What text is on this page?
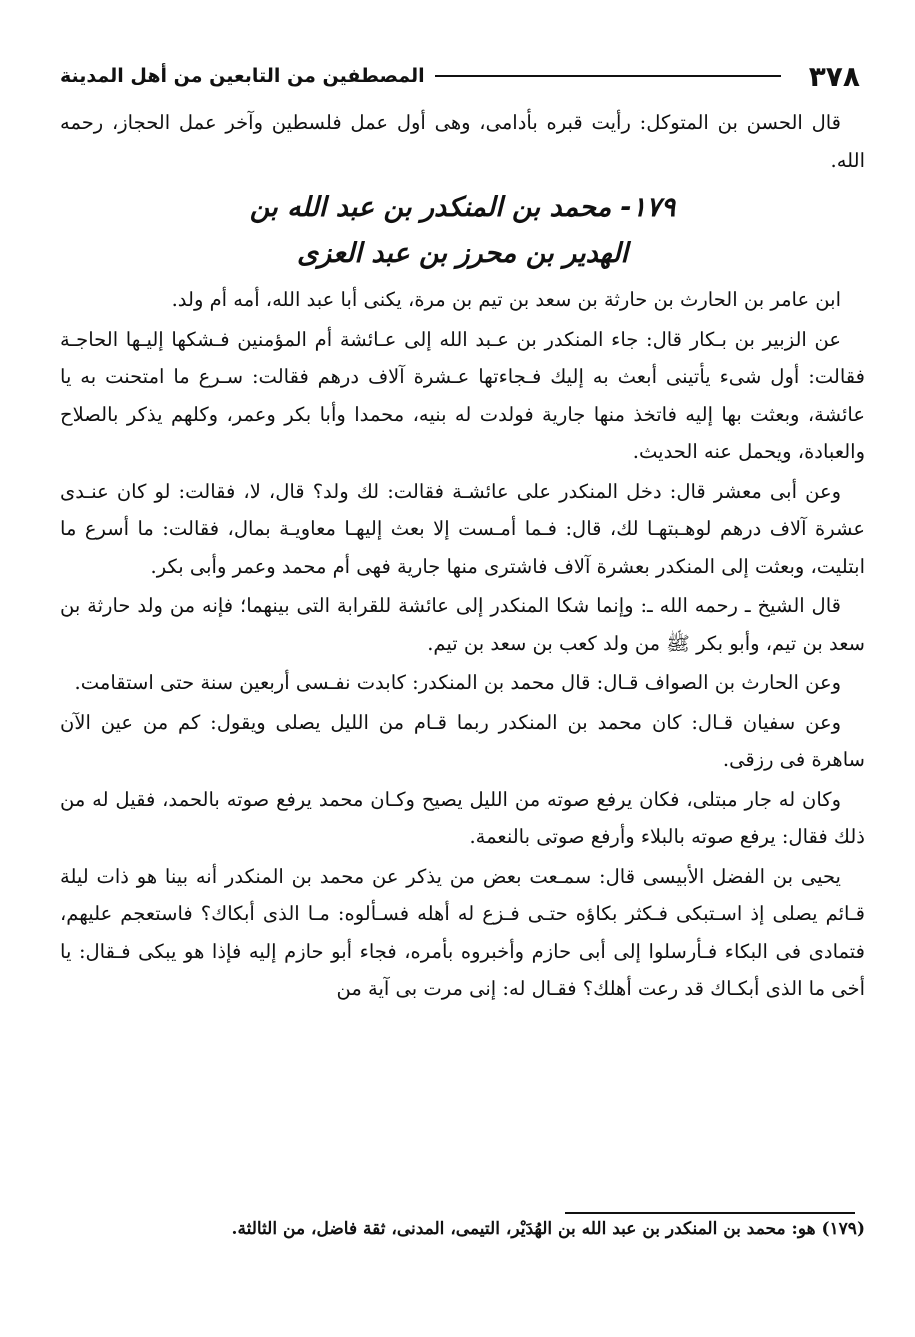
٣٧٨
المصطفين من التابعين من أهل المدينة

قال الحسن بن المتوكل: رأيت قبره بأدامى، وهى أول عمل فلسطين وآخر عمل الحجاز، رحمه الله.

١٧٩- محمد بن المنكدر بن عبد الله بن
الهدير بن محرز بن عبد العزى

ابن عامر بن الحارث بن حارثة بن سعد بن تيم بن مرة، يكنى أبا عبد الله، أمه أم ولد.

عن الزبير بن بـكار قال: جاء المنكدر بن عـبد الله إلى عـائشة أم المؤمنين فـشكها إليـها الحاجـة فقالت: أول شىء يأتينى أبعث به إليك فـجاءتها عـشرة آلاف درهم فقالت: سـرع ما امتحنت به يا عائشة، وبعثت بها إليه فاتخذ منها جارية فولدت له بنيه، محمدا وأبا بكر وعمر، وكلهم يذكر بالصلاح والعبادة، ويحمل عنه الحديث.

وعن أبى معشر قال: دخل المنكدر على عائشـة فقالت: لك ولد؟ قال، لا، فقالت: لو كان عنـدى عشرة آلاف درهم لوهـبتهـا لك، قال: فـما أمـست إلا بعث إليهـا معاويـة بمال، فقالت: ما أسرع ما ابتليت، وبعثت إلى المنكدر بعشرة آلاف فاشترى منها جارية فهى أم محمد وعمر وأبى بكر.

قال الشيخ ـ رحمه الله ـ: وإنما شكا المنكدر إلى عائشة للقرابة التى بينهما؛ فإنه من ولد حارثة بن سعد بن تيم، وأبو بكر ﷺ من ولد كعب بن سعد بن تيم.

وعن الحارث بن الصواف قـال: قال محمد بن المنكدر: كابدت نفـسى أربعين سنة حتى استقامت.

وعن سفيان قـال: كان محمد بن المنكدر ربما قـام من الليل يصلى ويقول: كم من عين الآن ساهرة فى رزقى.

وكان له جار مبتلى، فكان يرفع صوته من الليل يصيح وكـان محمد يرفع صوته بالحمد، فقيل له من ذلك فقال: يرفع صوته بالبلاء وأرفع صوتى بالنعمة.

يحيى بن الفضل الأبيسى قال: سمـعت بعض من يذكر عن محمد بن المنكدر أنه بينا هو ذات ليلة قـائم يصلى إذ اسـتبكى فـكثر بكاؤه حتـى فـزع له أهله فسـألوه: مـا الذى أبكاك؟ فاستعجم عليهم، فتمادى فى البكاء فـأرسلوا إلى أبى حازم وأخبروه بأمره، فجاء أبو حازم إليه فإذا هو يبكى فـقال: يا أخى ما الذى أبكـاك قد رعت أهلك؟ فقـال له: إنى مرت بى آية من

(١٧٩) هو: محمد بن المنكدر بن عبد الله بن الهُدَيْر، التيمى، المدنى، ثقة فاضل، من الثالثة.
